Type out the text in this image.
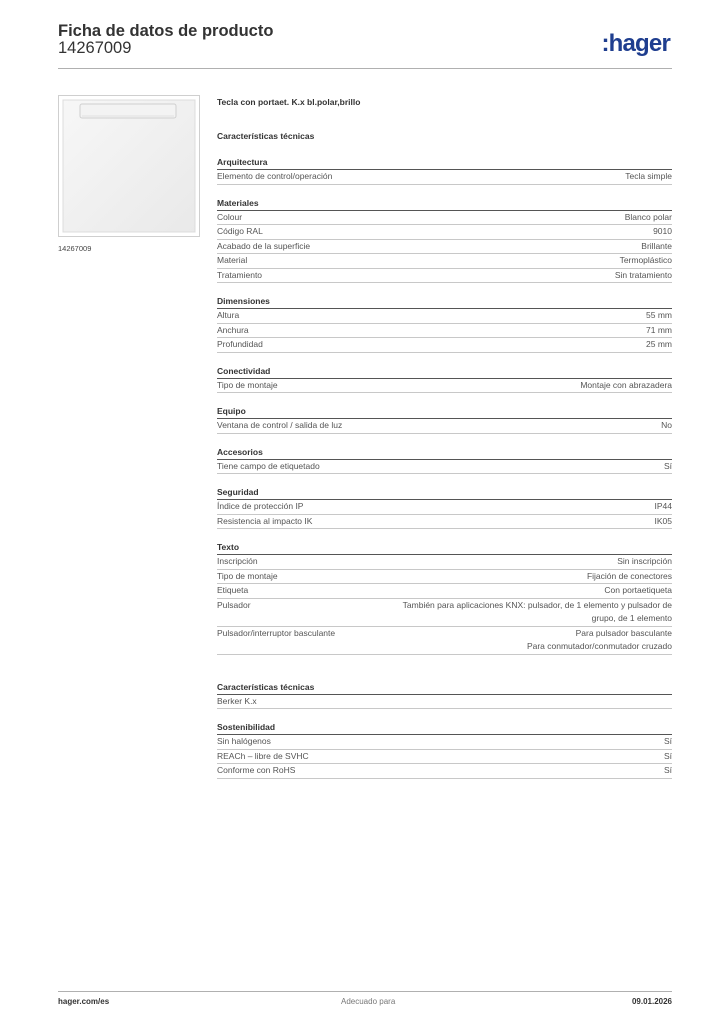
Ficha de datos de producto
14267009	:hager
14267009
Tecla con portaet. K.x bl.polar,brillo
Características técnicas
Arquitectura
Elemento de control/operación	Tecla simple
Materiales
Colour	Blanco polar
Código RAL	9010
Acabado de la superficie	Brillante
Material	Termoplástico
Tratamiento	Sin tratamiento
Dimensiones
Altura	55 mm
Anchura	71 mm
Profundidad	25 mm
Conectividad
Tipo de montaje	Montaje con abrazadera
Equipo
Ventana de control / salida de luz	No
Accesorios
Tiene campo de etiquetado	Sí
Seguridad
Índice de protección IP	IP44
Resistencia al impacto IK	IK05
Texto
Inscripción	Sin inscripción
Tipo de montaje	Fijación de conectores
Etiqueta	Con portaetiqueta
Pulsador	También para aplicaciones KNX: pulsador, de 1 elemento y pulsador de
grupo, de 1 elemento
Pulsador/interruptor basculante	Para pulsador basculante
Para conmutador/conmutador cruzado
Características técnicas
Berker K.x
Sostenibilidad
Sin halógenos	Sí
REACh – libre de SVHC	Sí
Conforme con RoHS	Sí
hager.com/es	Adecuado para	09.01.2026
